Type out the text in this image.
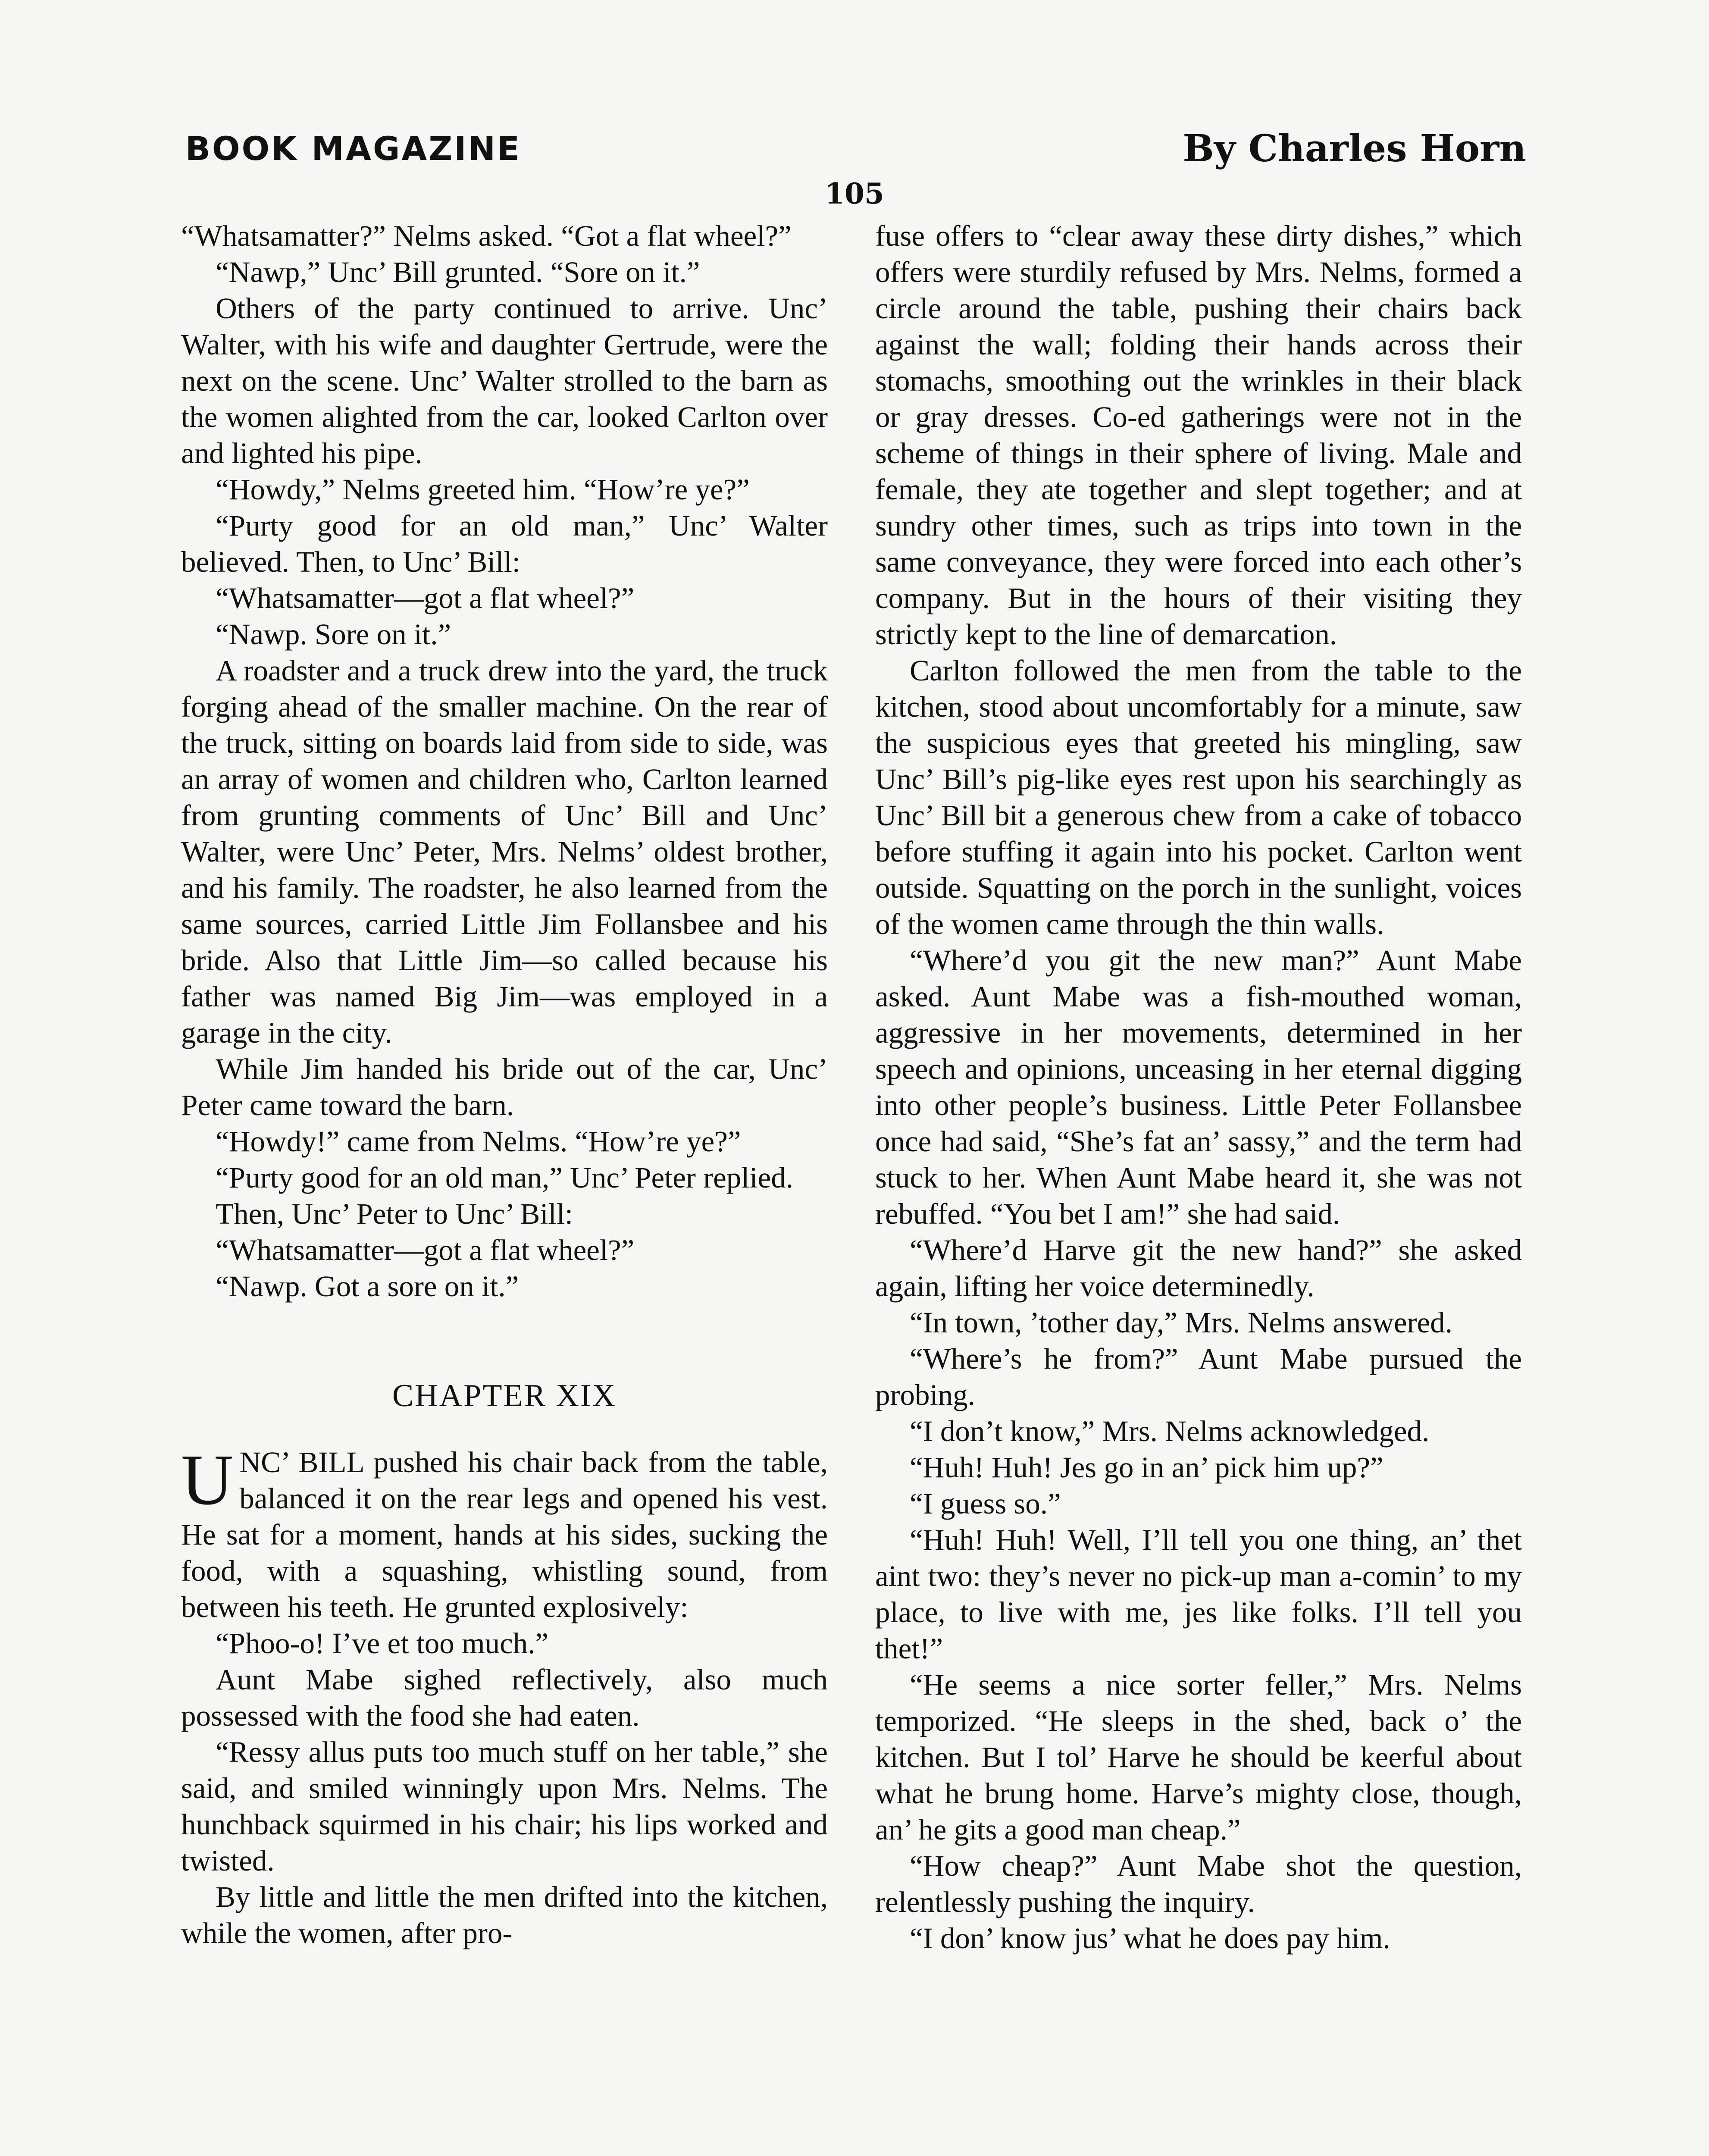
BOOK MAGAZINE	By Charles Horn
105

“Whatsamatter?” Nelms asked. “Got a flat wheel?”

“Nawp,” Unc’ Bill grunted. “Sore on it.”

Others of the party continued to arrive. Unc’ Walter, with his wife and daughter Gertrude, were the next on the scene. Unc’ Walter strolled to the barn as the women alighted from the car, looked Carlton over and lighted his pipe.

“Howdy,” Nelms greeted him. “How’re ye?”

“Purty good for an old man,” Unc’ Walter believed. Then, to Unc’ Bill:

“Whatsamatter—got a flat wheel?”

“Nawp. Sore on it.”

A roadster and a truck drew into the yard, the truck forging ahead of the smaller machine. On the rear of the truck, sitting on boards laid from side to side, was an array of women and children who, Carlton learned from grunting comments of Unc’ Bill and Unc’ Walter, were Unc’ Peter, Mrs. Nelms’ oldest brother, and his family. The roadster, he also learned from the same sources, carried Little Jim Follansbee and his bride. Also that Little Jim—so called because his father was named Big Jim—was employed in a garage in the city.

While Jim handed his bride out of the car, Unc’ Peter came toward the barn.

“Howdy!” came from Nelms. “How’re ye?”

“Purty good for an old man,” Unc’ Peter replied.

Then, Unc’ Peter to Unc’ Bill:

“Whatsamatter—got a flat wheel?”

“Nawp. Got a sore on it.”

CHAPTER XIX

UNC’ BILL pushed his chair back from the table, balanced it on the rear legs and opened his vest. He sat for a moment, hands at his sides, sucking the food, with a squashing, whistling sound, from between his teeth. He grunted explosively:

“Phoo-o! I’ve et too much.”

Aunt Mabe sighed reflectively, also much possessed with the food she had eaten.

“Ressy allus puts too much stuff on her table,” she said, and smiled winningly upon Mrs. Nelms. The hunchback squirmed in his chair; his lips worked and twisted.

By little and little the men drifted into the kitchen, while the women, after pro-

fuse offers to “clear away these dirty dishes,” which offers were sturdily refused by Mrs. Nelms, formed a circle around the table, pushing their chairs back against the wall; folding their hands across their stomachs, smoothing out the wrinkles in their black or gray dresses. Co-ed gatherings were not in the scheme of things in their sphere of living. Male and female, they ate together and slept together; and at sundry other times, such as trips into town in the same conveyance, they were forced into each other’s company. But in the hours of their visiting they strictly kept to the line of demarcation.

Carlton followed the men from the table to the kitchen, stood about uncomfortably for a minute, saw the suspicious eyes that greeted his mingling, saw Unc’ Bill’s pig-like eyes rest upon his searchingly as Unc’ Bill bit a generous chew from a cake of tobacco before stuffing it again into his pocket. Carlton went outside. Squatting on the porch in the sunlight, voices of the women came through the thin walls.

“Where’d you git the new man?” Aunt Mabe asked. Aunt Mabe was a fish-mouthed woman, aggressive in her movements, determined in her speech and opinions, unceasing in her eternal digging into other people’s business. Little Peter Follansbee once had said, “She’s fat an’ sassy,” and the term had stuck to her. When Aunt Mabe heard it, she was not rebuffed. “You bet I am!” she had said.

“Where’d Harve git the new hand?” she asked again, lifting her voice determinedly.

“In town, ’tother day,” Mrs. Nelms answered.

“Where’s he from?” Aunt Mabe pursued the probing.

“I don’t know,” Mrs. Nelms acknowledged.

“Huh! Huh! Jes go in an’ pick him up?”

“I guess so.”

“Huh! Huh! Well, I’ll tell you one thing, an’ thet aint two: they’s never no pick-up man a-comin’ to my place, to live with me, jes like folks. I’ll tell you thet!”

“He seems a nice sorter feller,” Mrs. Nelms temporized. “He sleeps in the shed, back o’ the kitchen. But I tol’ Harve he should be keerful about what he brung home. Harve’s mighty close, though, an’ he gits a good man cheap.”

“How cheap?” Aunt Mabe shot the question, relentlessly pushing the inquiry.

“I don’ know jus’ what he does pay him.
